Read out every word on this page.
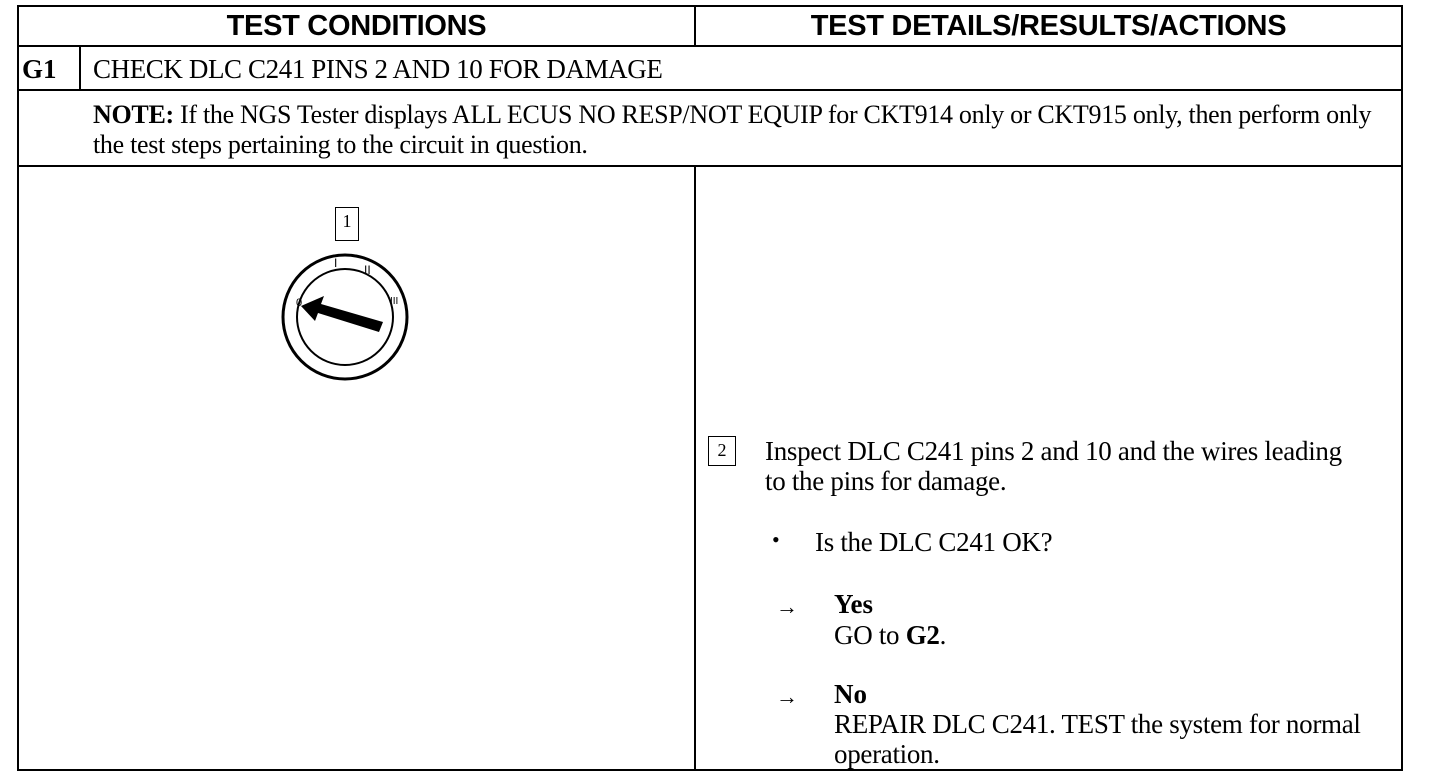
TEST CONDITIONS	TEST DETAILS/RESULTS/ACTIONS
G1 CHECK DLC C241 PINS 2 AND 10 FOR DAMAGE
NOTE: If the NGS Tester displays ALL ECUS NO RESP/NOT EQUIP for CKT914 only or CKT915 only, then perform only the test steps pertaining to the circuit in question.
1
0
I II
III
2	Inspect DLC C241 pins 2 and 10 and the wires leading to the pins for damage.
• Is the DLC C241 OK?
→ Yes
GO to G2.
→ No
REPAIR DLC C241. TEST the system for normal operation.
